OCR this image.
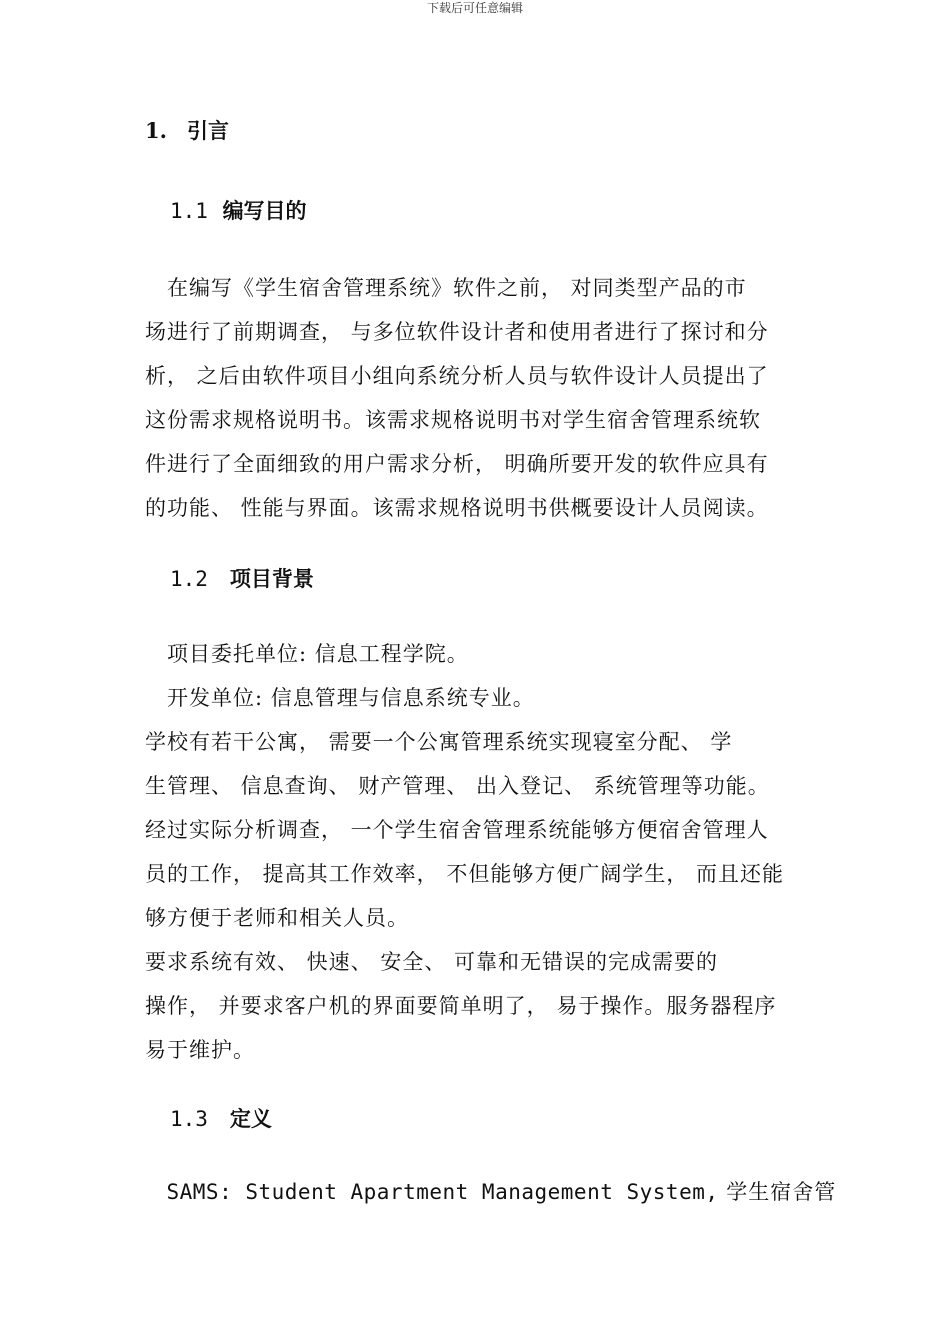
下载后可任意编辑
1. 引言
1.1 编写目的
　在编写《学生宿舍管理系统》软件之前， 对同类型产品的市
场进行了前期调查， 与多位软件设计者和使用者进行了探讨和分
析， 之后由软件项目小组向系统分析人员与软件设计人员提出了
这份需求规格说明书。该需求规格说明书对学生宿舍管理系统软
件进行了全面细致的用户需求分析， 明确所要开发的软件应具有
的功能、 性能与界面。该需求规格说明书供概要设计人员阅读。
1.2 项目背景
　项目委托单位: 信息工程学院。
　开发单位: 信息管理与信息系统专业。
学校有若干公寓， 需要一个公寓管理系统实现寝室分配、 学
生管理、 信息查询、 财产管理、 出入登记、 系统管理等功能。
经过实际分析调查， 一个学生宿舍管理系统能够方便宿舍管理人
员的工作， 提高其工作效率， 不但能够方便广阔学生， 而且还能
够方便于老师和相关人员。
要求系统有效、 快速、 安全、 可靠和无错误的完成需要的
操作， 并要求客户机的界面要简单明了， 易于操作。服务器程序
易于维护。
1.3 定义
　SAMS: Student Apartment Management System, 学生宿舍管
